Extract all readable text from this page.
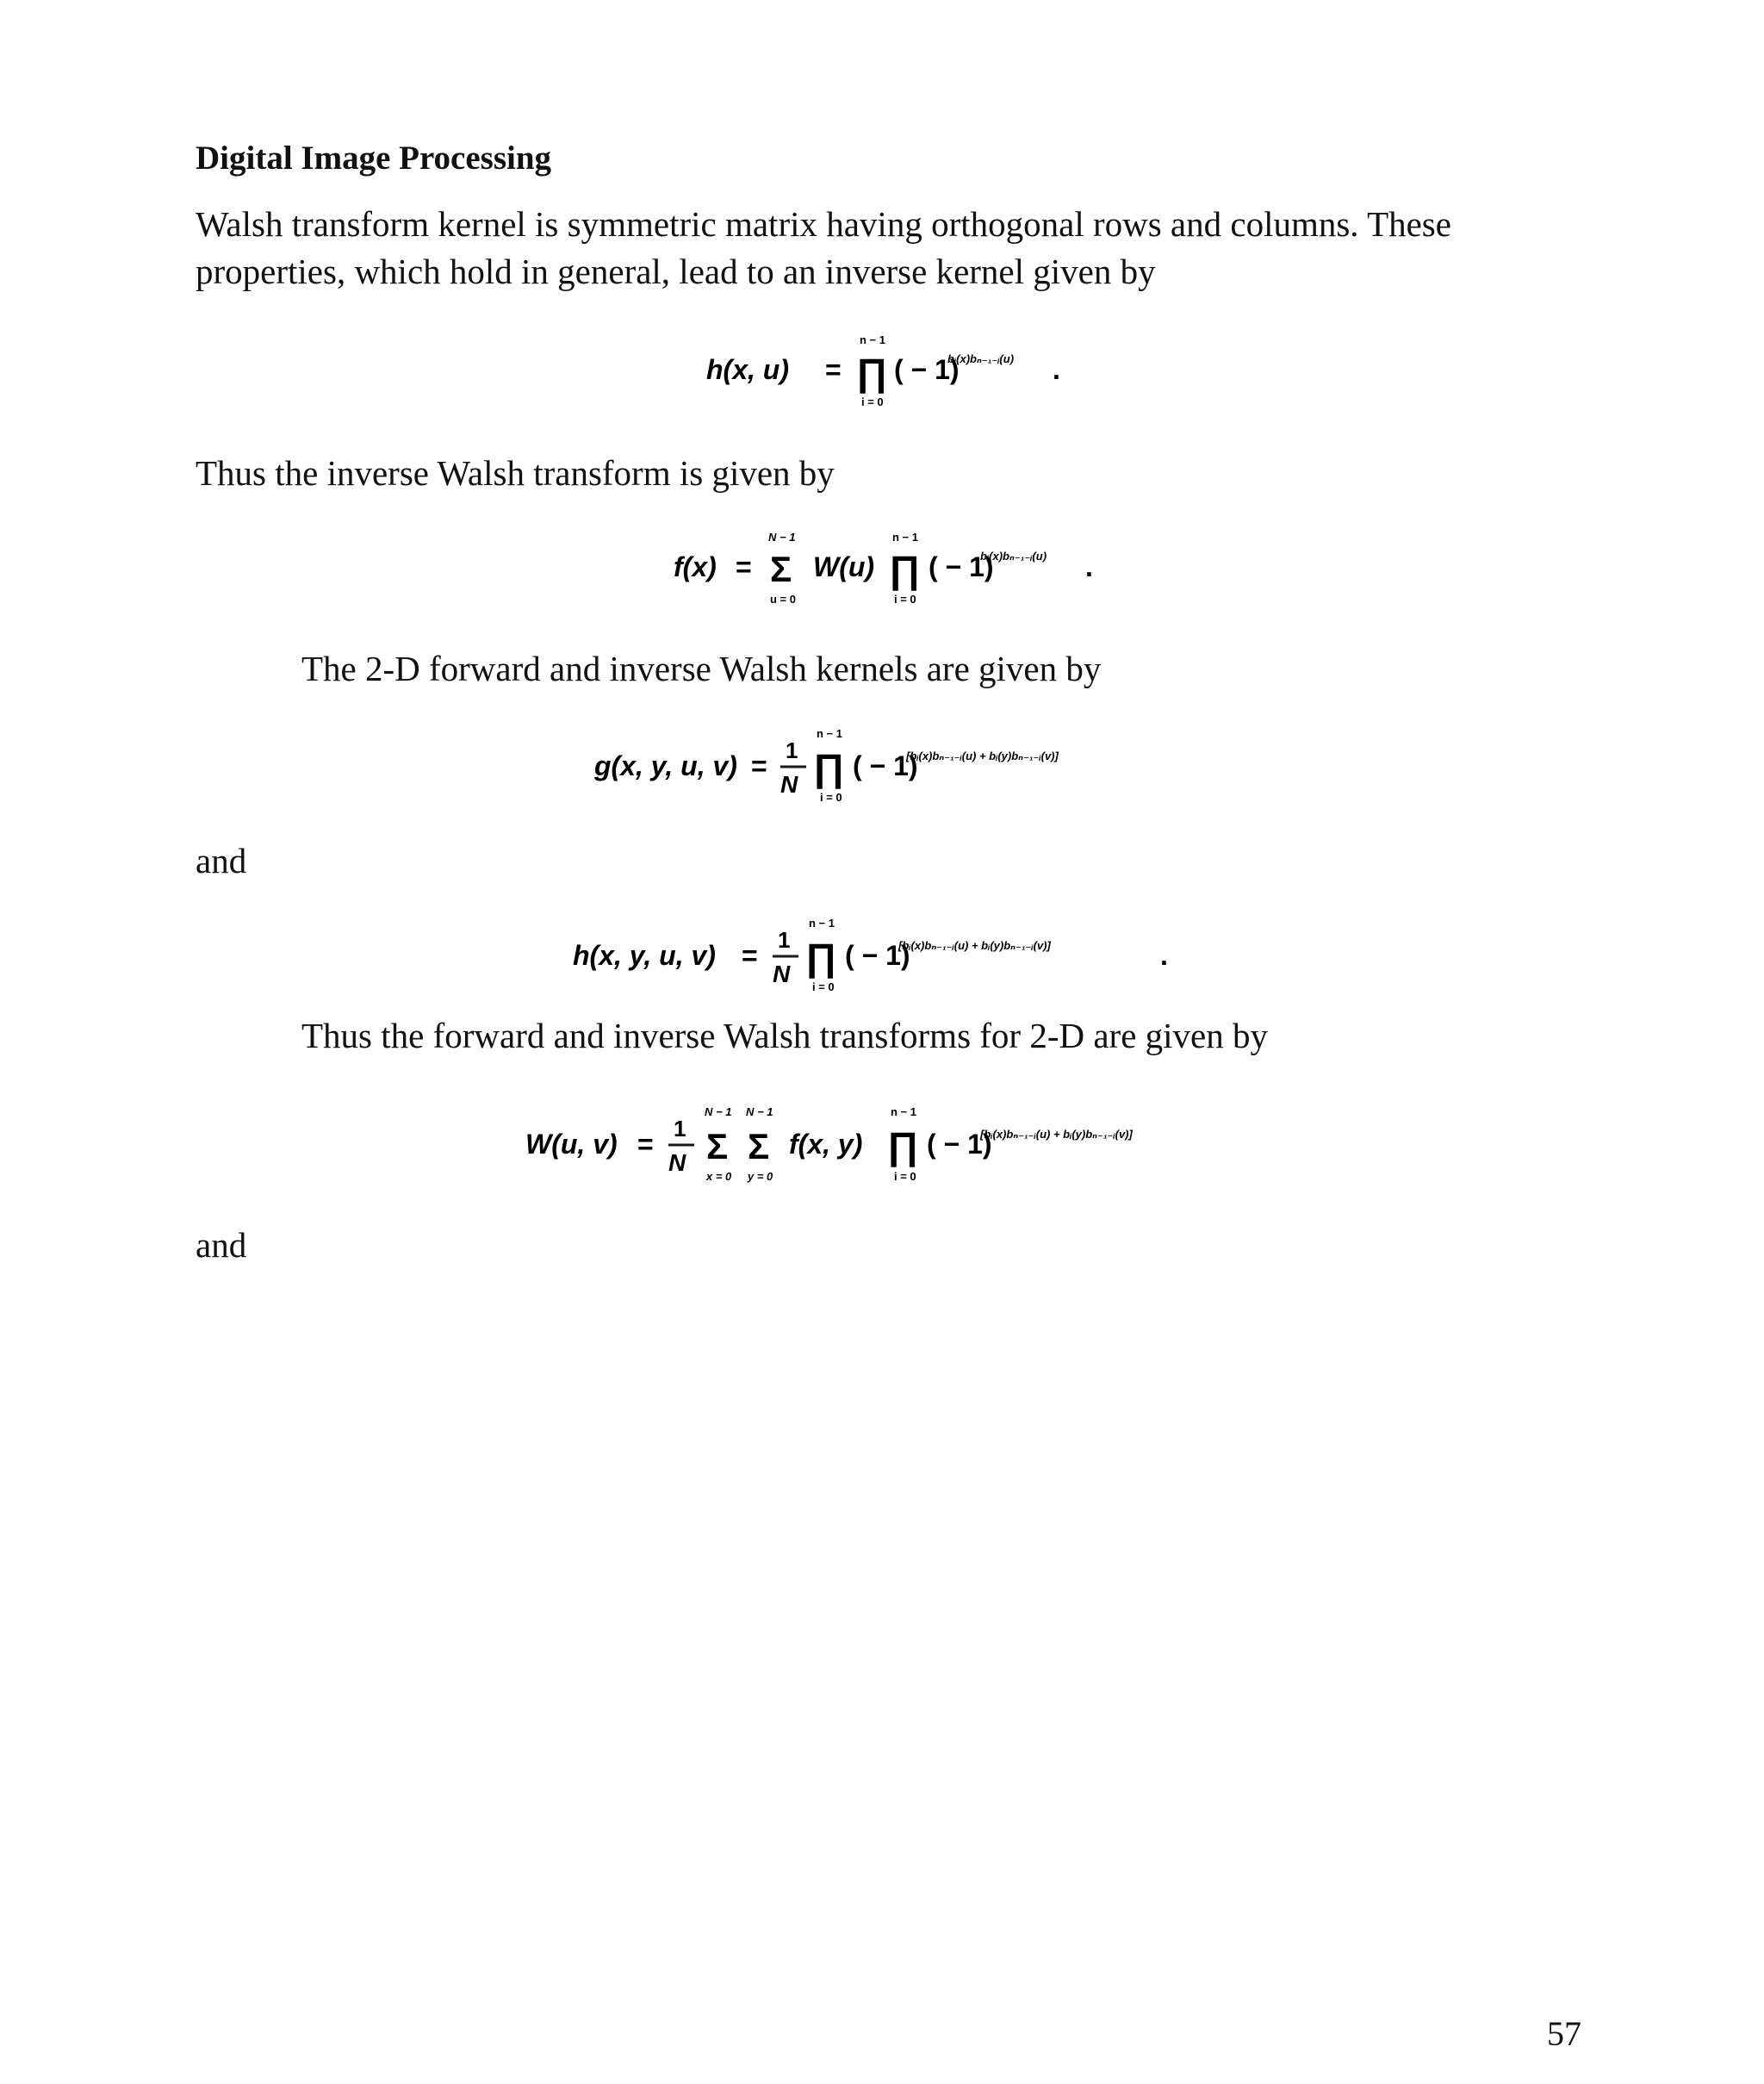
Digital Image Processing
Walsh transform kernel is symmetric matrix having orthogonal rows and columns. These
properties, which hold in general, lead to an inverse kernel given by
h(x, u) =
n − 1
∏
i = 0
( − 1)
bᵢ(x)bₙ₋₁₋ᵢ(u) .
Thus the inverse Walsh transform is given by
f(x) =
N − 1
Σ
u = 0
W(u)
n − 1
∏
i = 0
( − 1)
bᵢ(x)bₙ₋₁₋ᵢ(u) .
The 2-D forward and inverse Walsh kernels are given by
g(x, y, u, v) = 1
N
n − 1
∏
i = 0
( − 1)
[bᵢ(x)bₙ₋₁₋ᵢ(u) + bᵢ(y)bₙ₋₁₋ᵢ(v)]
and
h(x, y, u, v) = 1
N
n − 1
∏
i = 0
( − 1)
[bᵢ(x)bₙ₋₁₋ᵢ(u) + bᵢ(y)bₙ₋₁₋ᵢ(v)]	.
Thus the forward and inverse Walsh transforms for 2-D are given by
W(u, v) = 1
N
N − 1
Σ
x = 0
N − 1
Σ
y = 0
f(x, y)
n − 1
∏
i = 0
( − 1)
[bᵢ(x)bₙ₋₁₋ᵢ(u) + bᵢ(y)bₙ₋₁₋ᵢ(v)]
and
57
